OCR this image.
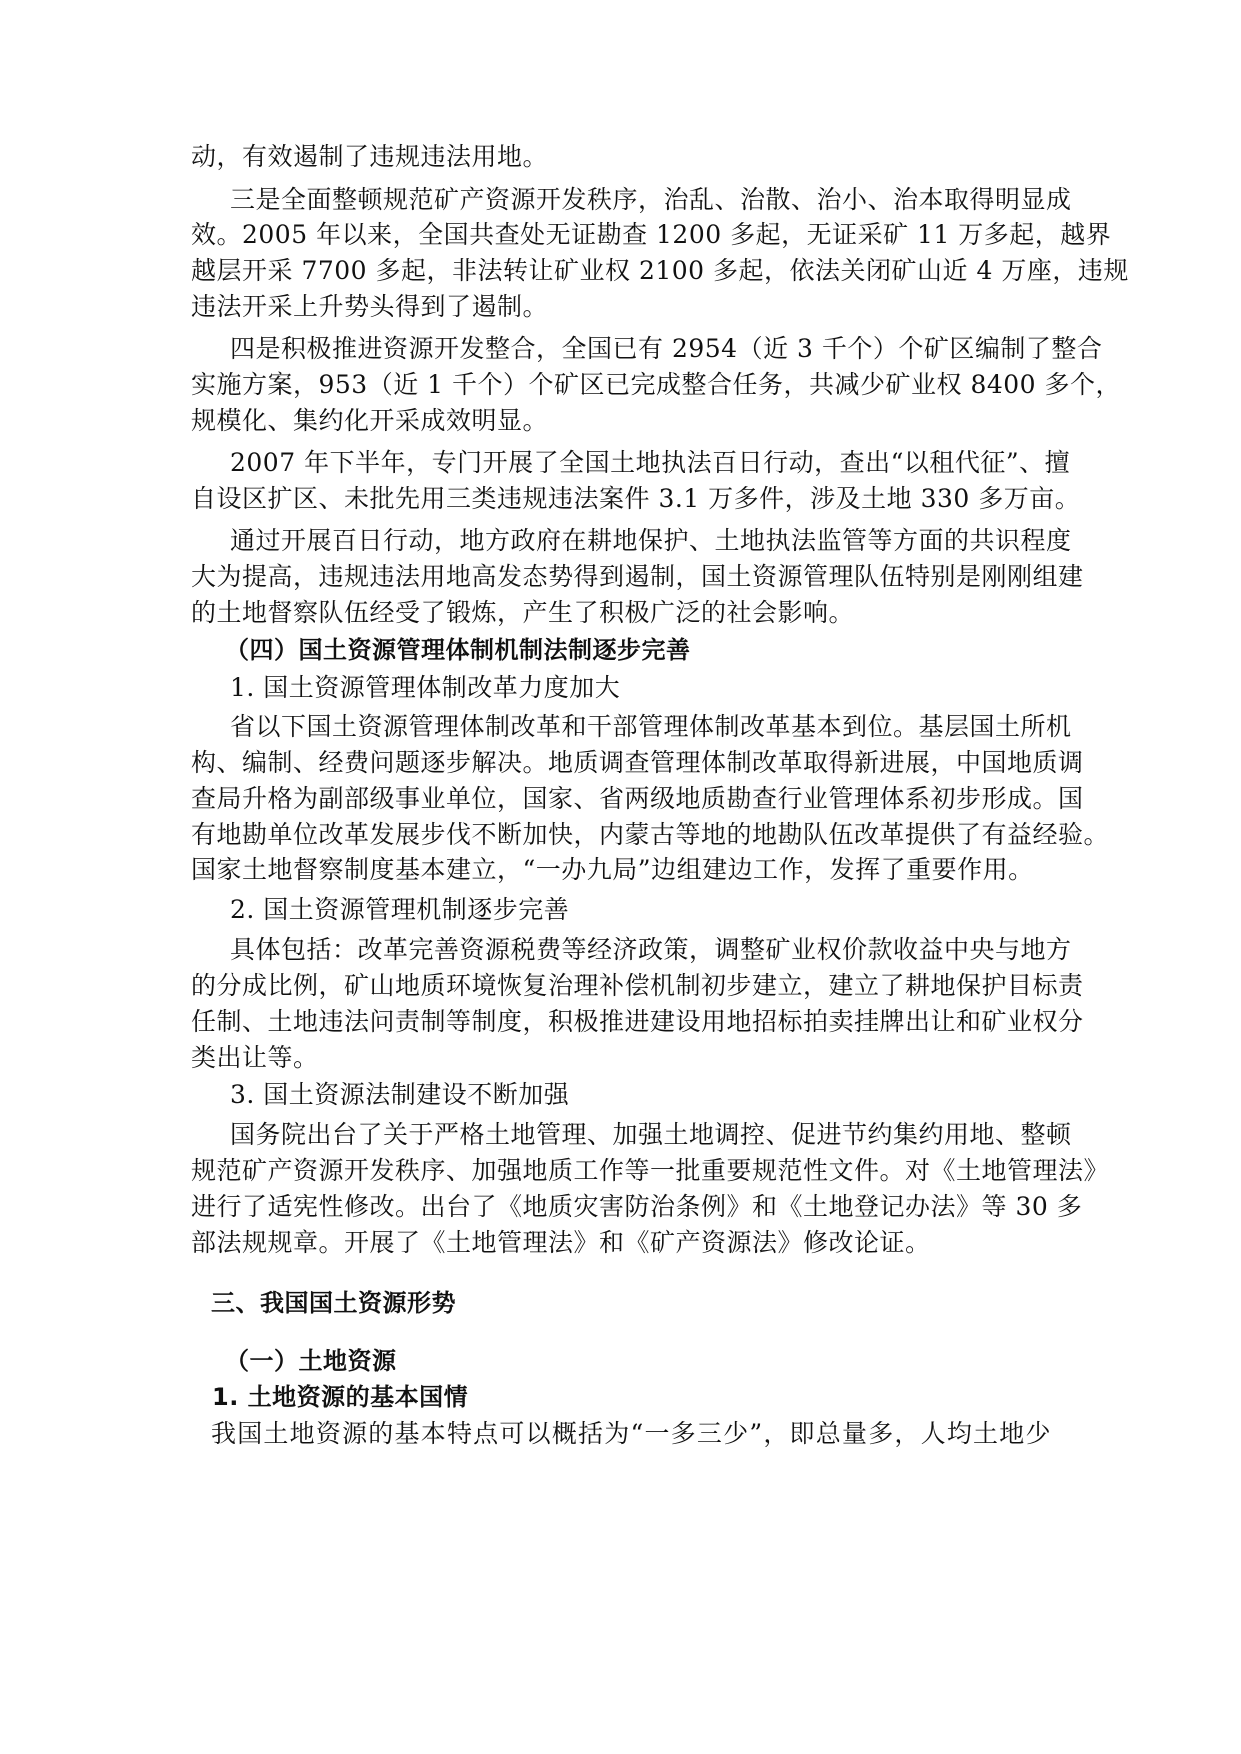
动，有效遏制了违规违法用地。
三是全面整顿规范矿产资源开发秩序，治乱、治散、治小、治本取得明显成
效。2005 年以来，全国共查处无证勘查 1200 多起，无证采矿 11 万多起，越界
越层开采 7700 多起，非法转让矿业权 2100 多起，依法关闭矿山近 4 万座，违规
违法开采上升势头得到了遏制。
四是积极推进资源开发整合，全国已有 2954（近 3 千个）个矿区编制了整合
实施方案，953（近 1 千个）个矿区已完成整合任务，共减少矿业权 8400 多个，
规模化、集约化开采成效明显。
2007 年下半年，专门开展了全国土地执法百日行动，查出“以租代征”、擅
自设区扩区、未批先用三类违规违法案件 3.1 万多件，涉及土地 330 多万亩。
通过开展百日行动，地方政府在耕地保护、土地执法监管等方面的共识程度
大为提高，违规违法用地高发态势得到遏制，国土资源管理队伍特别是刚刚组建
的土地督察队伍经受了锻炼，产生了积极广泛的社会影响。
（四）国土资源管理体制机制法制逐步完善
1. 国土资源管理体制改革力度加大
省以下国土资源管理体制改革和干部管理体制改革基本到位。基层国土所机
构、编制、经费问题逐步解决。地质调查管理体制改革取得新进展，中国地质调
查局升格为副部级事业单位，国家、省两级地质勘查行业管理体系初步形成。国
有地勘单位改革发展步伐不断加快，内蒙古等地的地勘队伍改革提供了有益经验。
国家土地督察制度基本建立，“一办九局”边组建边工作，发挥了重要作用。
2. 国土资源管理机制逐步完善
具体包括：改革完善资源税费等经济政策，调整矿业权价款收益中央与地方
的分成比例，矿山地质环境恢复治理补偿机制初步建立，建立了耕地保护目标责
任制、土地违法问责制等制度，积极推进建设用地招标拍卖挂牌出让和矿业权分
类出让等。
3. 国土资源法制建设不断加强
国务院出台了关于严格土地管理、加强土地调控、促进节约集约用地、整顿
规范矿产资源开发秩序、加强地质工作等一批重要规范性文件。对《土地管理法》
进行了适宪性修改。出台了《地质灾害防治条例》和《土地登记办法》等 30 多
部法规规章。开展了《土地管理法》和《矿产资源法》修改论证。
三、我国国土资源形势
（一）土地资源
1. 土地资源的基本国情
我国土地资源的基本特点可以概括为“一多三少”，即总量多，人均土地少
